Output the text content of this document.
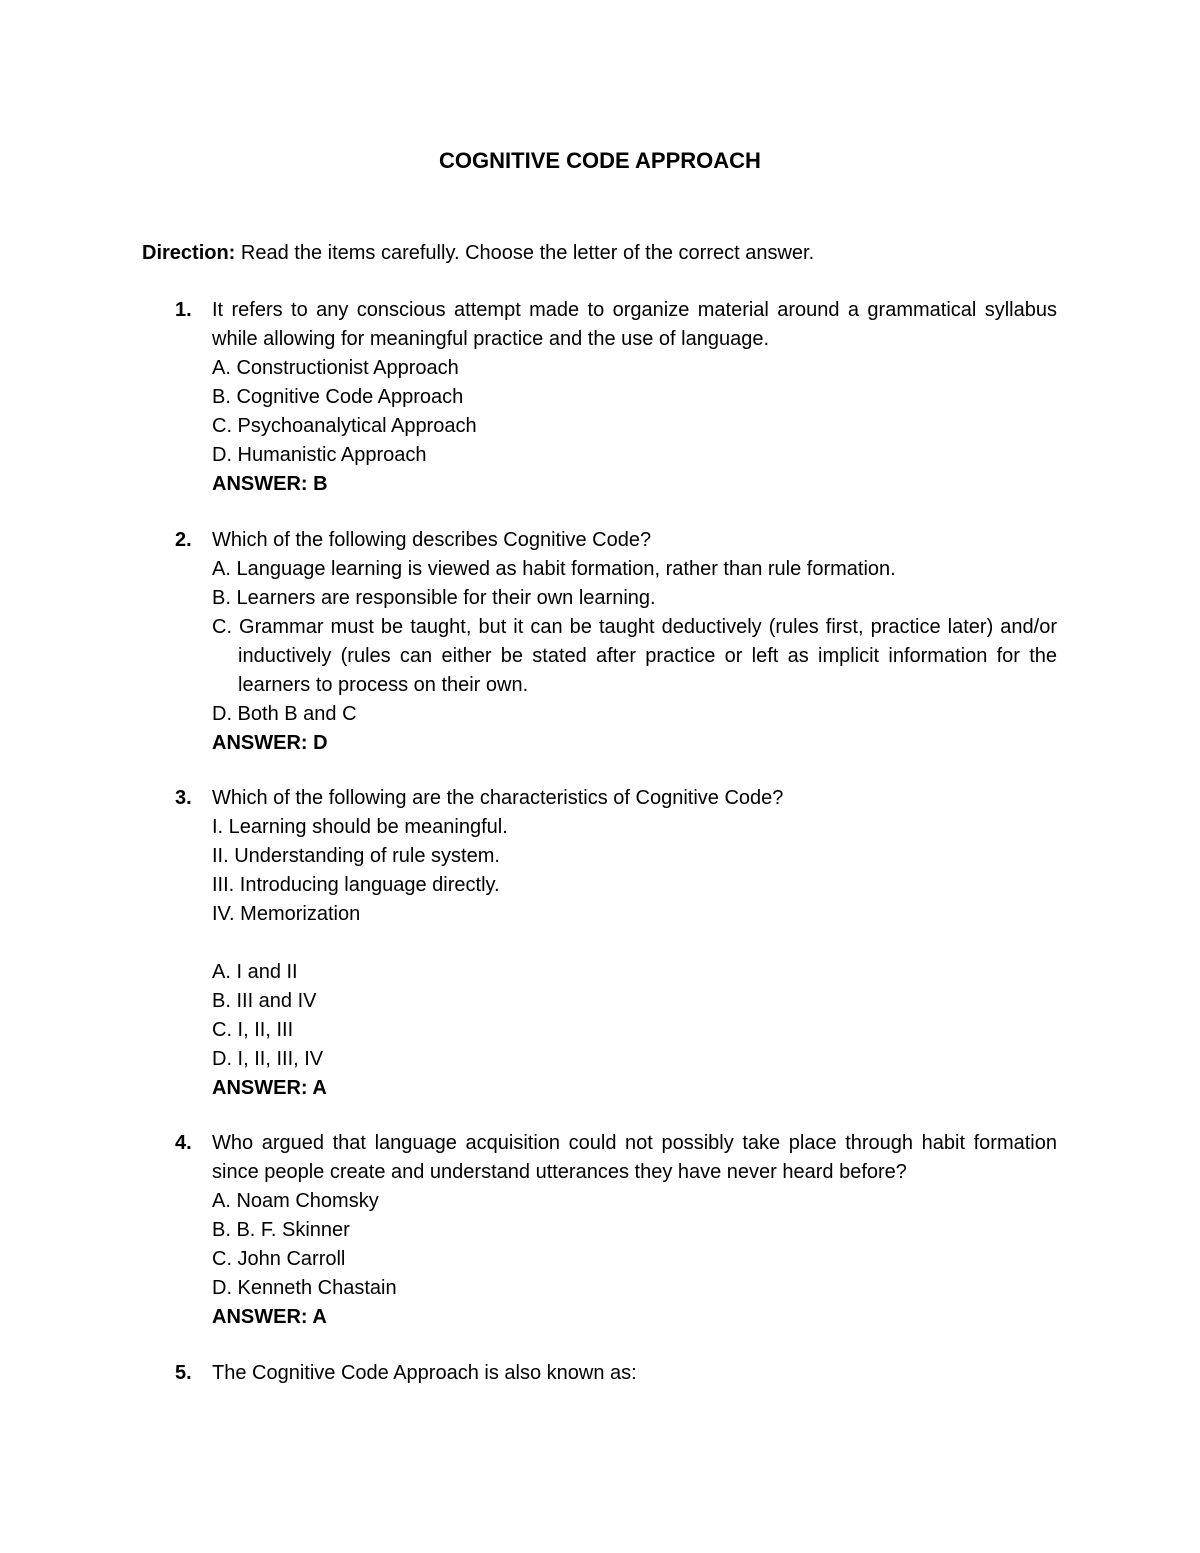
COGNITIVE CODE APPROACH
Direction: Read the items carefully. Choose the letter of the correct answer.
1. It refers to any conscious attempt made to organize material around a grammatical syllabus while allowing for meaningful practice and the use of language.
A. Constructionist Approach
B. Cognitive Code Approach
C. Psychoanalytical Approach
D. Humanistic Approach
ANSWER: B
2. Which of the following describes Cognitive Code?
A. Language learning is viewed as habit formation, rather than rule formation.
B. Learners are responsible for their own learning.
C. Grammar must be taught, but it can be taught deductively (rules first, practice later) and/or inductively (rules can either be stated after practice or left as implicit information for the learners to process on their own.
D. Both B and C
ANSWER: D
3. Which of the following are the characteristics of Cognitive Code?
I. Learning should be meaningful.
II. Understanding of rule system.
III. Introducing language directly.
IV. Memorization
A. I and II
B. III and IV
C. I, II, III
D. I, II, III, IV
ANSWER: A
4. Who argued that language acquisition could not possibly take place through habit formation since people create and understand utterances they have never heard before?
A. Noam Chomsky
B. B. F. Skinner
C. John Carroll
D. Kenneth Chastain
ANSWER: A
5. The Cognitive Code Approach is also known as:
